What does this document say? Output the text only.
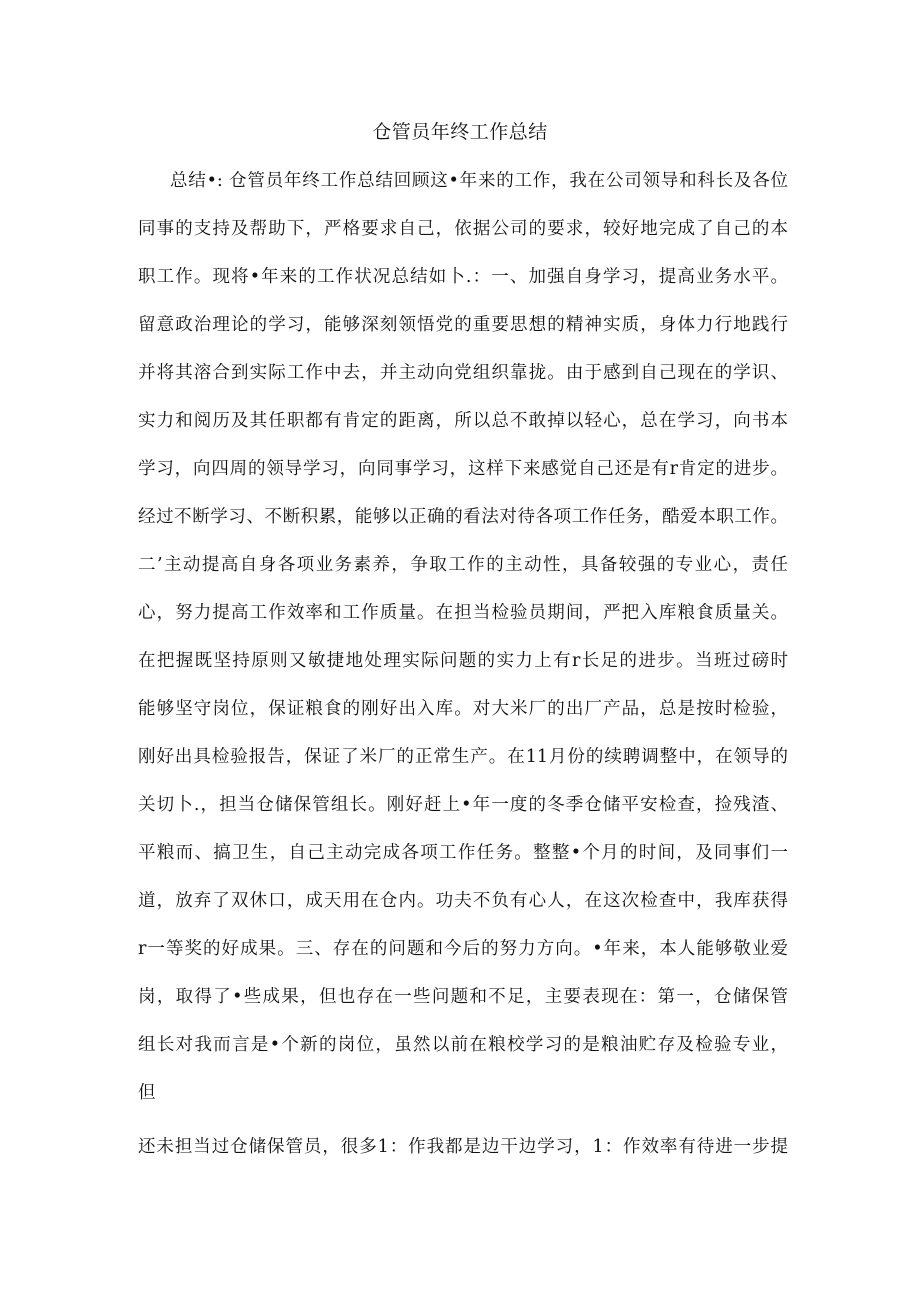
仓管员年终工作总结
总结•: 仓管员年终工作总结回顾这•年来的工作，我在公司领导和科长及各位
同事的支持及帮助下，严格要求自己，依据公司的要求，较好地完成了自己的本
职工作。现将•年来的工作状况总结如卜.：一、加强自身学习，提高业务水平。
留意政治理论的学习，能够深刻领悟党的重要思想的精神实质，身体力行地践行
并将其溶合到实际工作中去，并主动向党组织靠拢。由于感到自己现在的学识、
实力和阅历及其任职都有肯定的距离，所以总不敢掉以轻心，总在学习，向书本
学习，向四周的领导学习，向同事学习，这样下来感觉自己还是有r肯定的进步。
经过不断学习、不断积累，能够以正确的看法对待各项工作任务，酷爱本职工作。
二’主动提高自身各项业务素养，争取工作的主动性，具备较强的专业心，责任
心，努力提高工作效率和工作质量。在担当检验员期间，严把入库粮食质量关。
在把握既坚持原则又敏捷地处理实际问题的实力上有r长足的进步。当班过磅时
能够坚守岗位，保证粮食的刚好出入库。对大米厂的出厂产品，总是按时检验，
刚好出具检验报告，保证了米厂的正常生产。在11月份的续聘调整中，在领导的
关切卜.，担当仓储保管组长。刚好赶上•年一度的冬季仓储平安检查，捡残渣、
平粮而、搞卫生，自己主动完成各项工作任务。整整•个月的时间，及同事们一
道，放弃了双休口，成天用在仓内。功夫不负有心人，在这次检查中，我库获得
r一等奖的好成果。三、存在的问题和今后的努力方向。•年来，本人能够敬业爱
岗，取得了•些成果，但也存在一些问题和不足，主要表现在：第一，仓储保管
组长对我而言是•个新的岗位，虽然以前在粮校学习的是粮油贮存及检验专业，
但
还未担当过仓储保管员，很多1：作我都是边干边学习，1：作效率有待进一步提
